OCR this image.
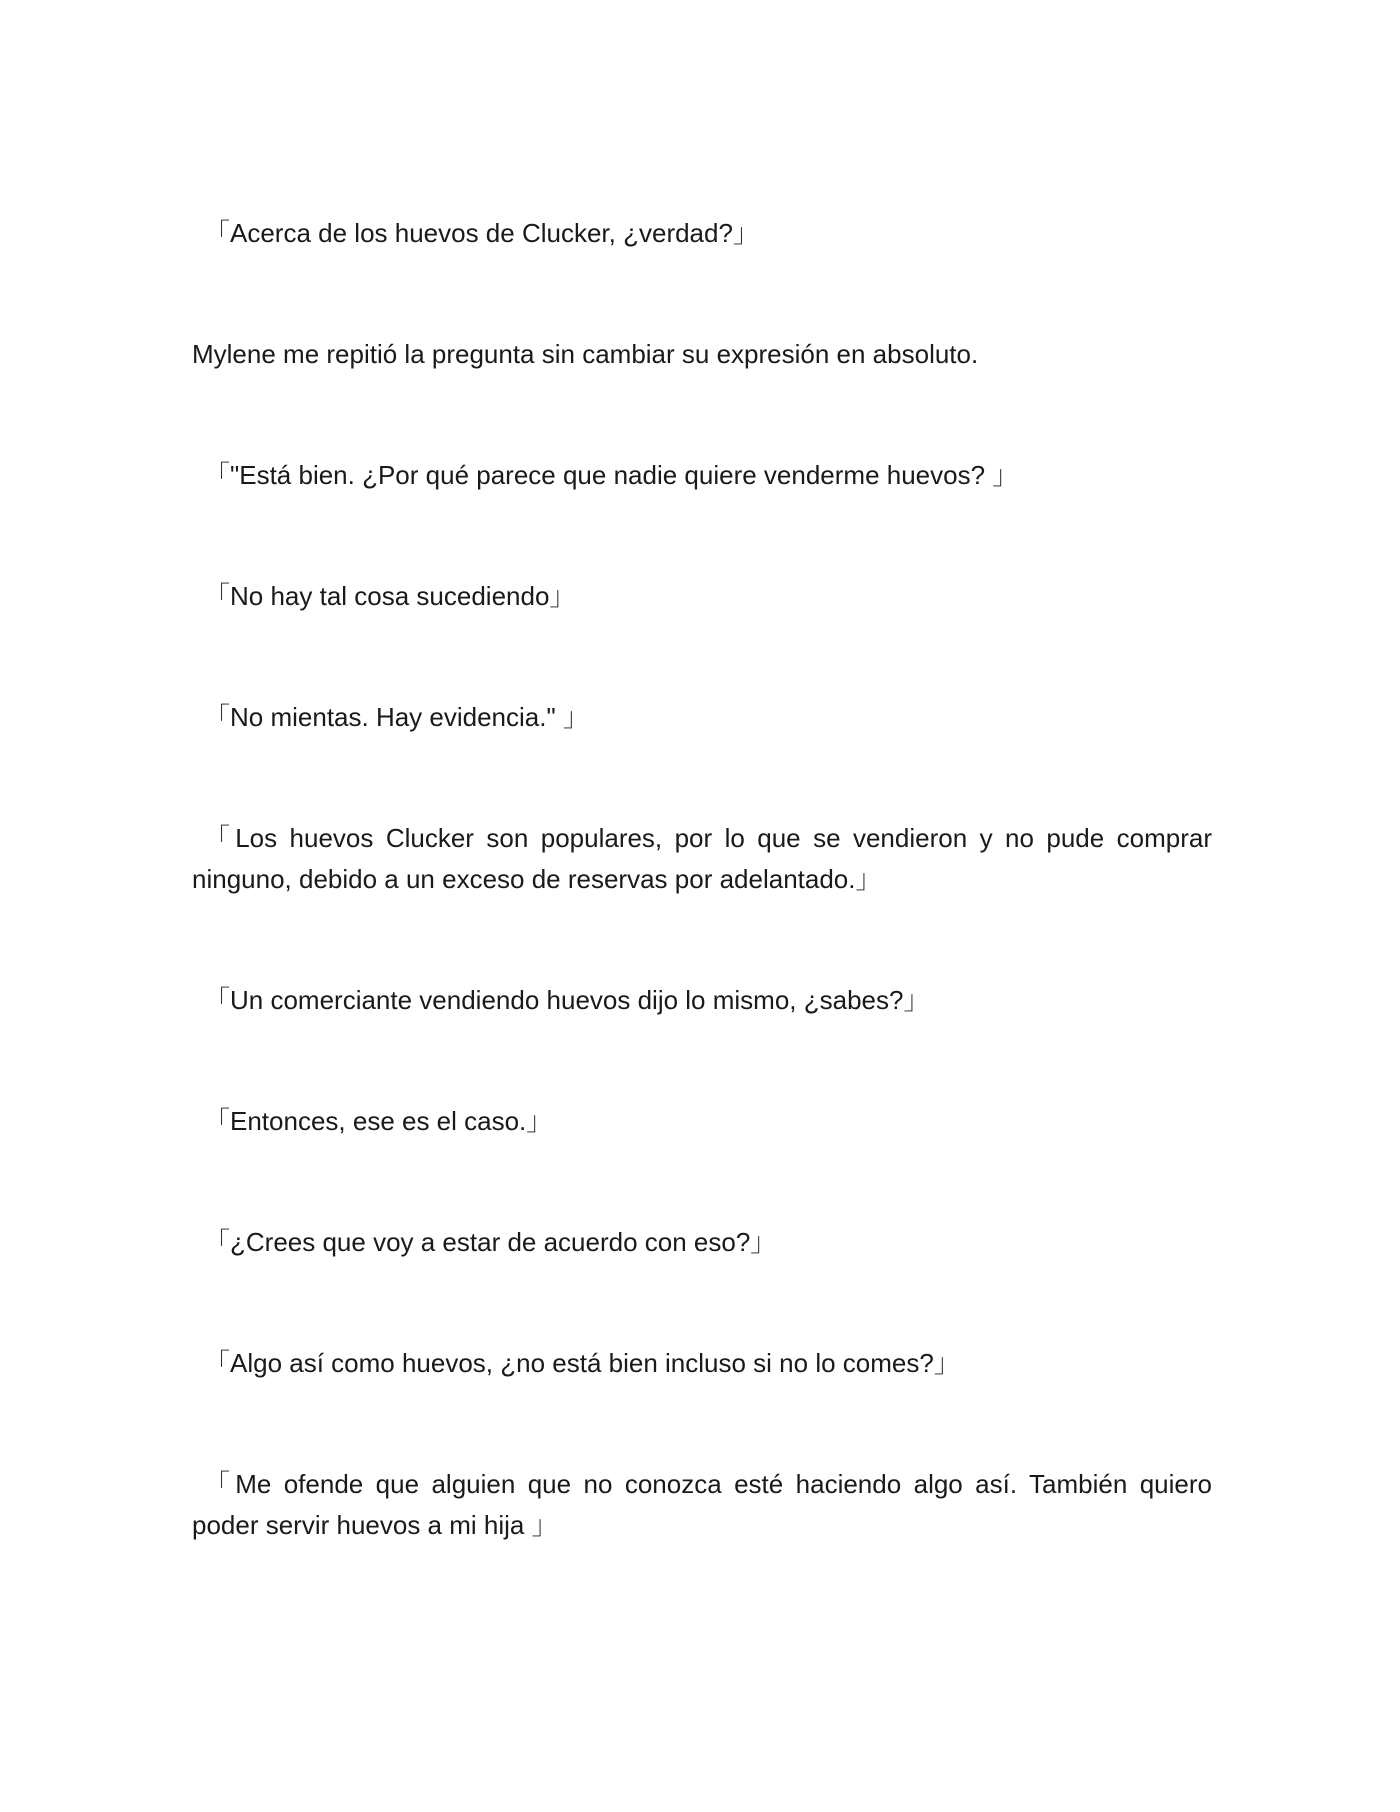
「Acerca de los huevos de Clucker, ¿verdad?」

Mylene me repitió la pregunta sin cambiar su expresión en absoluto.

「"Está bien. ¿Por qué parece que nadie quiere venderme huevos? 」

「No hay tal cosa sucediendo」

「No mientas. Hay evidencia." 」

「Los huevos Clucker son populares, por lo que se vendieron y no pude comprar ninguno, debido a un exceso de reservas por adelantado.」

「Un comerciante vendiendo huevos dijo lo mismo, ¿sabes?」

「Entonces, ese es el caso.」

「¿Crees que voy a estar de acuerdo con eso?」

「Algo así como huevos, ¿no está bien incluso si no lo comes?」

「Me ofende que alguien que no conozca esté haciendo algo así. También quiero poder servir huevos a mi hija 」
